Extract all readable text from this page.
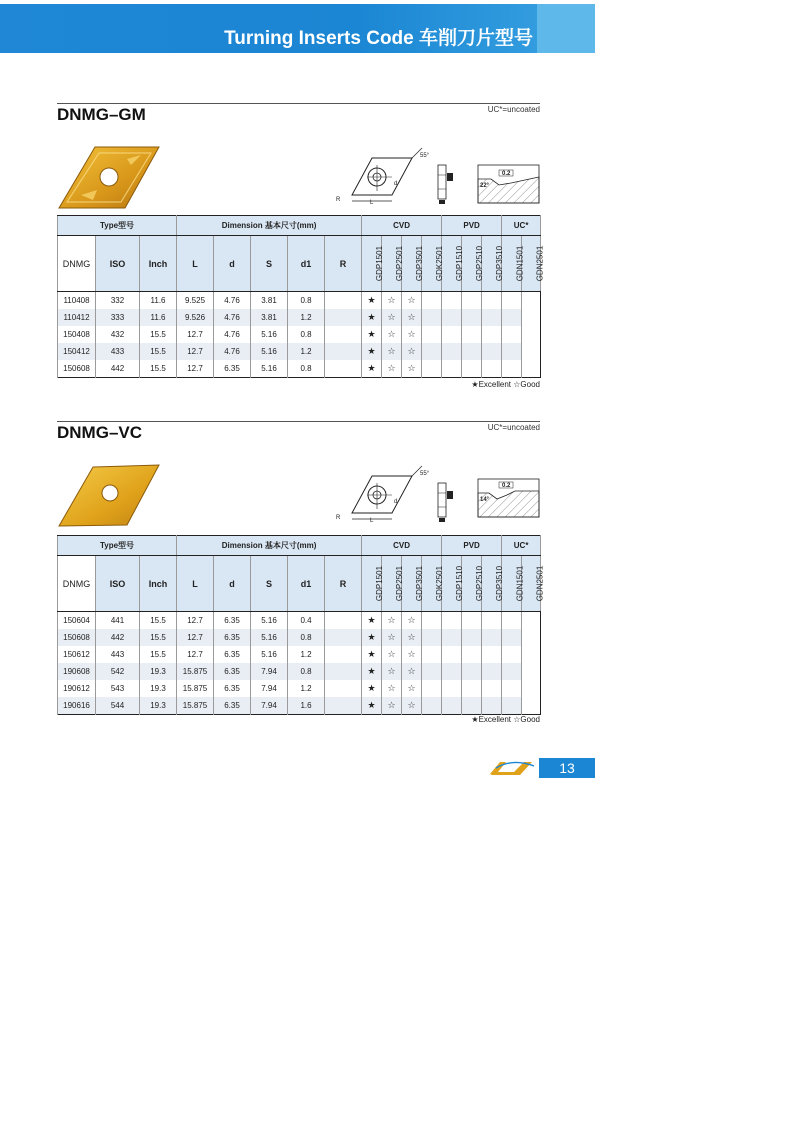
Turning Inserts Code 车削刀片型号
DNMG–GM	UC*=uncoated
L
R
d
55°
0.2
22°
Type型号			Dimension 基本尺寸(mm)					CVD				PVD			UC*	
DNMG	ISO	Inch	L	d	S	d1	R	GDP1501	GDP2501	GDP3501	GDK2501	GDP1510	GDP2510	GDP3510	GDN1501	GDN2501
110408	332	11.6	9.525	4.76	3.81	0.8		★	☆	☆						
110412	333	11.6	9.526	4.76	3.81	1.2		★	☆	☆						
150408	432	15.5	12.7	4.76	5.16	0.8		★	☆	☆						
150412	433	15.5	12.7	4.76	5.16	1.2		★	☆	☆						
150608	442	15.5	12.7	6.35	5.16	0.8		★	☆	☆						
★Excellent ☆Good
DNMG–VC	UC*=uncoated
L
R
d
55°
0.2
14°
Type型号			Dimension 基本尺寸(mm)					CVD				PVD			UC*	
DNMG	ISO	Inch	L	d	S	d1	R	GDP1501	GDP2501	GDP3501	GDK2501	GDP1510	GDP2510	GDP3510	GDN1501	GDN2501
150604	441	15.5	12.7	6.35	5.16	0.4		★	☆	☆						
150608	442	15.5	12.7	6.35	5.16	0.8		★	☆	☆						
150612	443	15.5	12.7	6.35	5.16	1.2		★	☆	☆						
190608	542	19.3	15.875	6.35	7.94	0.8		★	☆	☆						
190612	543	19.3	15.875	6.35	7.94	1.2		★	☆	☆						
190616	544	19.3	15.875	6.35	7.94	1.6		★	☆	☆						
★Excellent ☆Good
13
